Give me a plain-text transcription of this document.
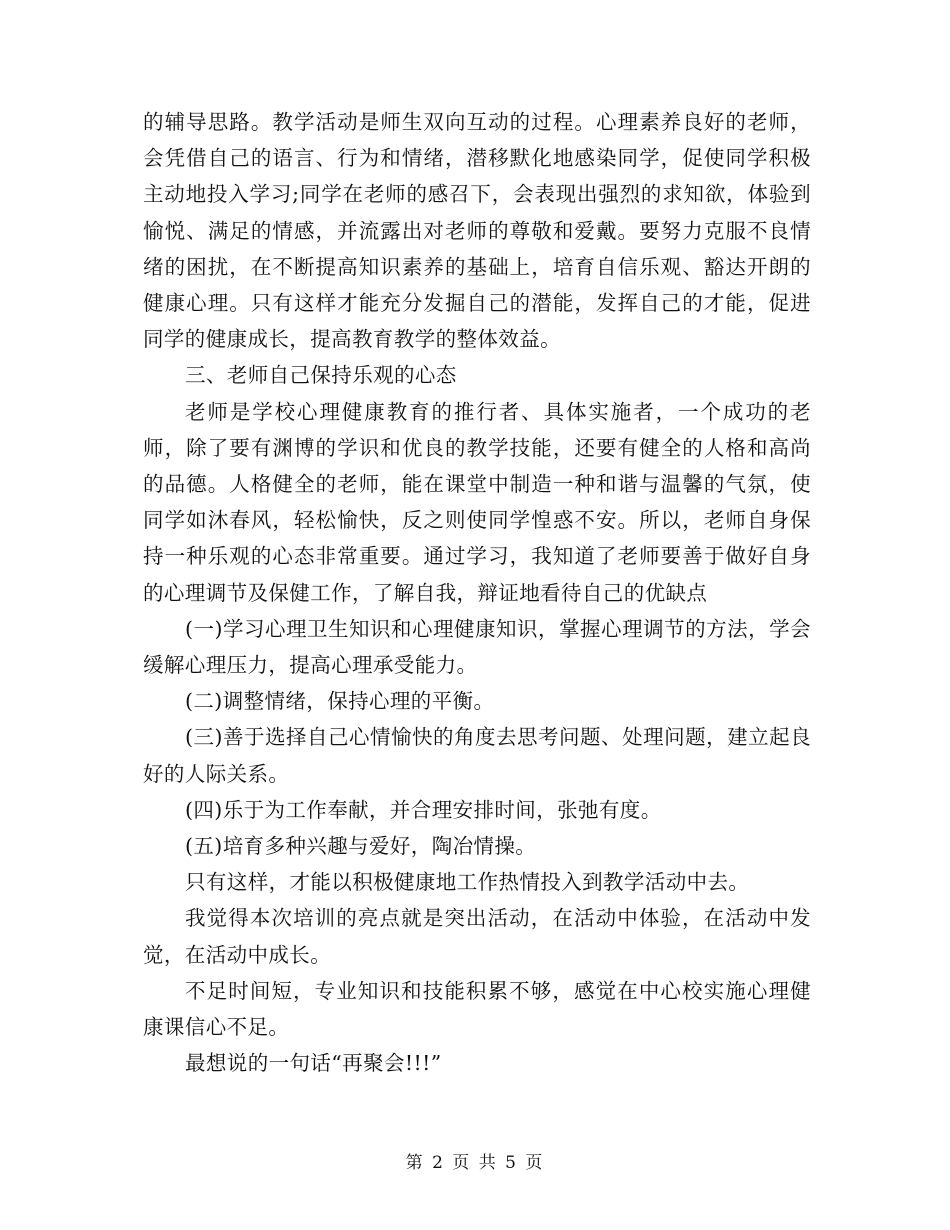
的辅导思路。教学活动是师生双向互动的过程。心理素养良好的老师，会凭借自己的语言、行为和情绪，潜移默化地感染同学，促使同学积极主动地投入学习;同学在老师的感召下，会表现出强烈的求知欲，体验到愉悦、满足的情感，并流露出对老师的尊敬和爱戴。要努力克服不良情绪的困扰，在不断提高知识素养的基础上，培育自信乐观、豁达开朗的健康心理。只有这样才能充分发掘自己的潜能，发挥自己的才能，促进同学的健康成长，提高教育教学的整体效益。

三、老师自己保持乐观的心态

老师是学校心理健康教育的推行者、具体实施者，一个成功的老师，除了要有渊博的学识和优良的教学技能，还要有健全的人格和高尚的品德。人格健全的老师，能在课堂中制造一种和谐与温馨的气氛，使同学如沐春风，轻松愉快，反之则使同学惶惑不安。所以，老师自身保持一种乐观的心态非常重要。通过学习，我知道了老师要善于做好自身的心理调节及保健工作，了解自我，辩证地看待自己的优缺点

(一)学习心理卫生知识和心理健康知识，掌握心理调节的方法，学会缓解心理压力，提高心理承受能力。

(二)调整情绪，保持心理的平衡。

(三)善于选择自己心情愉快的角度去思考问题、处理问题，建立起良好的人际关系。

(四)乐于为工作奉献，并合理安排时间，张弛有度。

(五)培育多种兴趣与爱好，陶冶情操。

只有这样，才能以积极健康地工作热情投入到教学活动中去。

我觉得本次培训的亮点就是突出活动，在活动中体验，在活动中发觉，在活动中成长。

不足时间短，专业知识和技能积累不够，感觉在中心校实施心理健康课信心不足。

最想说的一句话“再聚会!!!”

第 2 页 共 5 页
